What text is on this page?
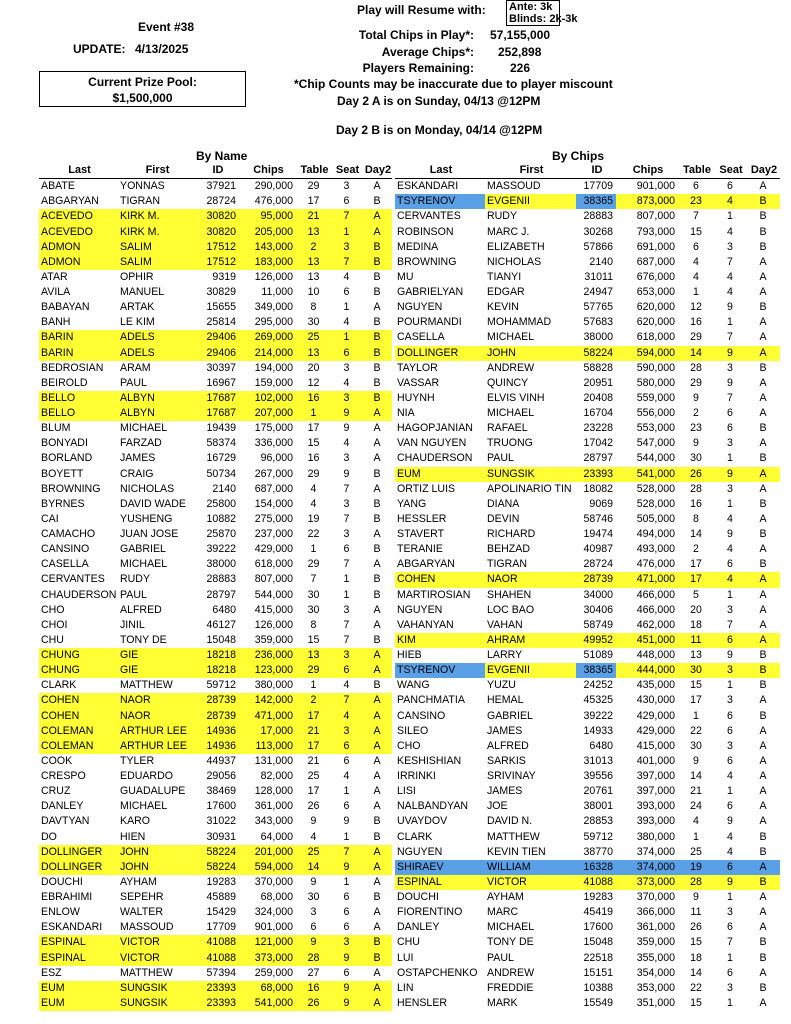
Event #38
UPDATE: 4/13/2025
Current Prize Pool:
$1,500,000
Play will Resume with: Ante: 3k
Blinds: 2k-3k
Total Chips in Play*: 57,155,000
Average Chips*: 252,898
Players Remaining:	226
*Chip Counts may be inaccurate due to player miscount
Day 2 A is on Sunday, 04/13 @12PM
Day 2 B is on Monday, 04/14 @12PM
By Name	By Chips
Last	First	ID	Chips	Table	Seat	Day2
ABATE	YONNAS	37921	290,000	29	3	A
ABGARYAN	TIGRAN	28724	476,000	17	6	B
ACEVEDO	KIRK M.	30820	95,000	21	7	A
ACEVEDO	KIRK M.	30820	205,000	13	1	A
ADMON	SALIM	17512	143,000	2	3	B
ADMON	SALIM	17512	183,000	13	7	B
ATAR	OPHIR	9319	126,000	13	4	B
AVILA	MANUEL	30829	11,000	10	6	B
BABAYAN	ARTAK	15655	349,000	8	1	A
BANH	LE KIM	25814	295,000	30	4	B
BARIN	ADELS	29406	269,000	25	1	B
BARIN	ADELS	29406	214,000	13	6	B
BEDROSIAN	ARAM	30397	194,000	20	3	B
BEIROLD	PAUL	16967	159,000	12	4	B
BELLO	ALBYN	17687	102,000	16	3	B
BELLO	ALBYN	17687	207,000	1	9	A
BLUM	MICHAEL	19439	175,000	17	9	A
BONYADI	FARZAD	58374	336,000	15	4	A
BORLAND	JAMES	16729	96,000	16	3	A
BOYETT	CRAIG	50734	267,000	29	9	B
BROWNING	NICHOLAS	2140	687,000	4	7	A
BYRNES	DAVID WADE	25800	154,000	4	3	B
CAI	YUSHENG	10882	275,000	19	7	B
CAMACHO	JUAN JOSE	25870	237,000	22	3	A
CANSINO	GABRIEL	39222	429,000	1	6	B
CASELLA	MICHAEL	38000	618,000	29	7	A
CERVANTES	RUDY	28883	807,000	7	1	B
CHAUDERSON	PAUL	28797	544,000	30	1	B
CHO	ALFRED	6480	415,000	30	3	A
CHOI	JINIL	46127	126,000	8	7	A
CHU	TONY DE	15048	359,000	15	7	B
CHUNG	GIE	18218	236,000	13	3	A
CHUNG	GIE	18218	123,000	29	6	A
CLARK	MATTHEW	59712	380,000	1	4	B
COHEN	NAOR	28739	142,000	2	7	A
COHEN	NAOR	28739	471,000	17	4	A
COLEMAN	ARTHUR LEE	14936	17,000	21	3	A
COLEMAN	ARTHUR LEE	14936	113,000	17	6	A
COOK	TYLER	44937	131,000	21	6	A
CRESPO	EDUARDO	29056	82,000	25	4	A
CRUZ	GUADALUPE	38469	128,000	17	1	A
DANLEY	MICHAEL	17600	361,000	26	6	A
DAVTYAN	KARO	31022	343,000	9	9	B
DO	HIEN	30931	64,000	4	1	B
DOLLINGER	JOHN	58224	201,000	25	7	A
DOLLINGER	JOHN	58224	594,000	14	9	A
DOUCHI	AYHAM	19283	370,000	9	1	A
EBRAHIMI	SEPEHR	45889	68,000	30	6	B
ENLOW	WALTER	15429	324,000	3	6	A
ESKANDARI	MASSOUD	17709	901,000	6	6	A
ESPINAL	VICTOR	41088	121,000	9	3	B
ESPINAL	VICTOR	41088	373,000	28	9	B
ESZ	MATTHEW	57394	259,000	27	6	A
EUM	SUNGSIK	23393	68,000	16	9	A
EUM	SUNGSIK	23393	541,000	26	9	A
Last	First	ID	Chips	Table	Seat	Day2
ESKANDARI	MASSOUD	17709	901,000	6	6	A
TSYRENOV	EVGENII	38365	873,000	23	4	B
CERVANTES	RUDY	28883	807,000	7	1	B
ROBINSON	MARC J.	30268	793,000	15	4	B
MEDINA	ELIZABETH	57866	691,000	6	3	B
BROWNING	NICHOLAS	2140	687,000	4	7	A
MU	TIANYI	31011	676,000	4	4	A
GABRIELYAN	EDGAR	24947	653,000	1	4	A
NGUYEN	KEVIN	57765	620,000	12	9	B
POURMANDI	MOHAMMAD	57683	620,000	16	1	A
CASELLA	MICHAEL	38000	618,000	29	7	A
DOLLINGER	JOHN	58224	594,000	14	9	A
TAYLOR	ANDREW	58828	590,000	28	3	B
VASSAR	QUINCY	20951	580,000	29	9	A
HUYNH	ELVIS VINH	20408	559,000	9	7	A
NIA	MICHAEL	16704	556,000	2	6	A
HAGOPJANIAN	RAFAEL	23228	553,000	23	6	B
VAN NGUYEN	TRUONG	17042	547,000	9	3	A
CHAUDERSON	PAUL	28797	544,000	30	1	B
EUM	SUNGSIK	23393	541,000	26	9	A
ORTIZ LUIS	APOLINARIO TIN	18082	528,000	28	3	A
YANG	DIANA	9069	528,000	16	1	B
HESSLER	DEVIN	58746	505,000	8	4	A
STAVERT	RICHARD	19474	494,000	14	9	B
TERANIE	BEHZAD	40987	493,000	2	4	A
ABGARYAN	TIGRAN	28724	476,000	17	6	B
COHEN	NAOR	28739	471,000	17	4	A
MARTIROSIAN	SHAHEN	34000	466,000	5	1	A
NGUYEN	LOC BAO	30406	466,000	20	3	A
VAHANYAN	VAHAN	58749	462,000	18	7	A
KIM	AHRAM	49952	451,000	11	6	A
HIEB	LARRY	51089	448,000	13	9	B
TSYRENOV	EVGENII	38365	444,000	30	3	B
WANG	YUZU	24252	435,000	15	1	B
PANCHMATIA	HEMAL	45325	430,000	17	3	A
CANSINO	GABRIEL	39222	429,000	1	6	B
SILEO	JAMES	14933	429,000	22	6	A
CHO	ALFRED	6480	415,000	30	3	A
KESHISHIAN	SARKIS	31013	401,000	9	6	A
IRRINKI	SRIVINAY	39556	397,000	14	4	A
LISI	JAMES	20761	397,000	21	1	A
NALBANDYAN	JOE	38001	393,000	24	6	A
UVAYDOV	DAVID N.	28853	393,000	4	9	A
CLARK	MATTHEW	59712	380,000	1	4	B
NGUYEN	KEVIN TIEN	38770	374,000	25	4	B
SHIRAEV	WILLIAM	16328	374,000	19	6	A
ESPINAL	VICTOR	41088	373,000	28	9	B
DOUCHI	AYHAM	19283	370,000	9	1	A
FIORENTINO	MARC	45419	366,000	11	3	A
DANLEY	MICHAEL	17600	361,000	26	6	A
CHU	TONY DE	15048	359,000	15	7	B
LUI	PAUL	22518	355,000	18	1	B
OSTAPCHENKO	ANDREW	15151	354,000	14	6	A
LIN	FREDDIE	10388	353,000	22	3	B
HENSLER	MARK	15549	351,000	15	1	A
